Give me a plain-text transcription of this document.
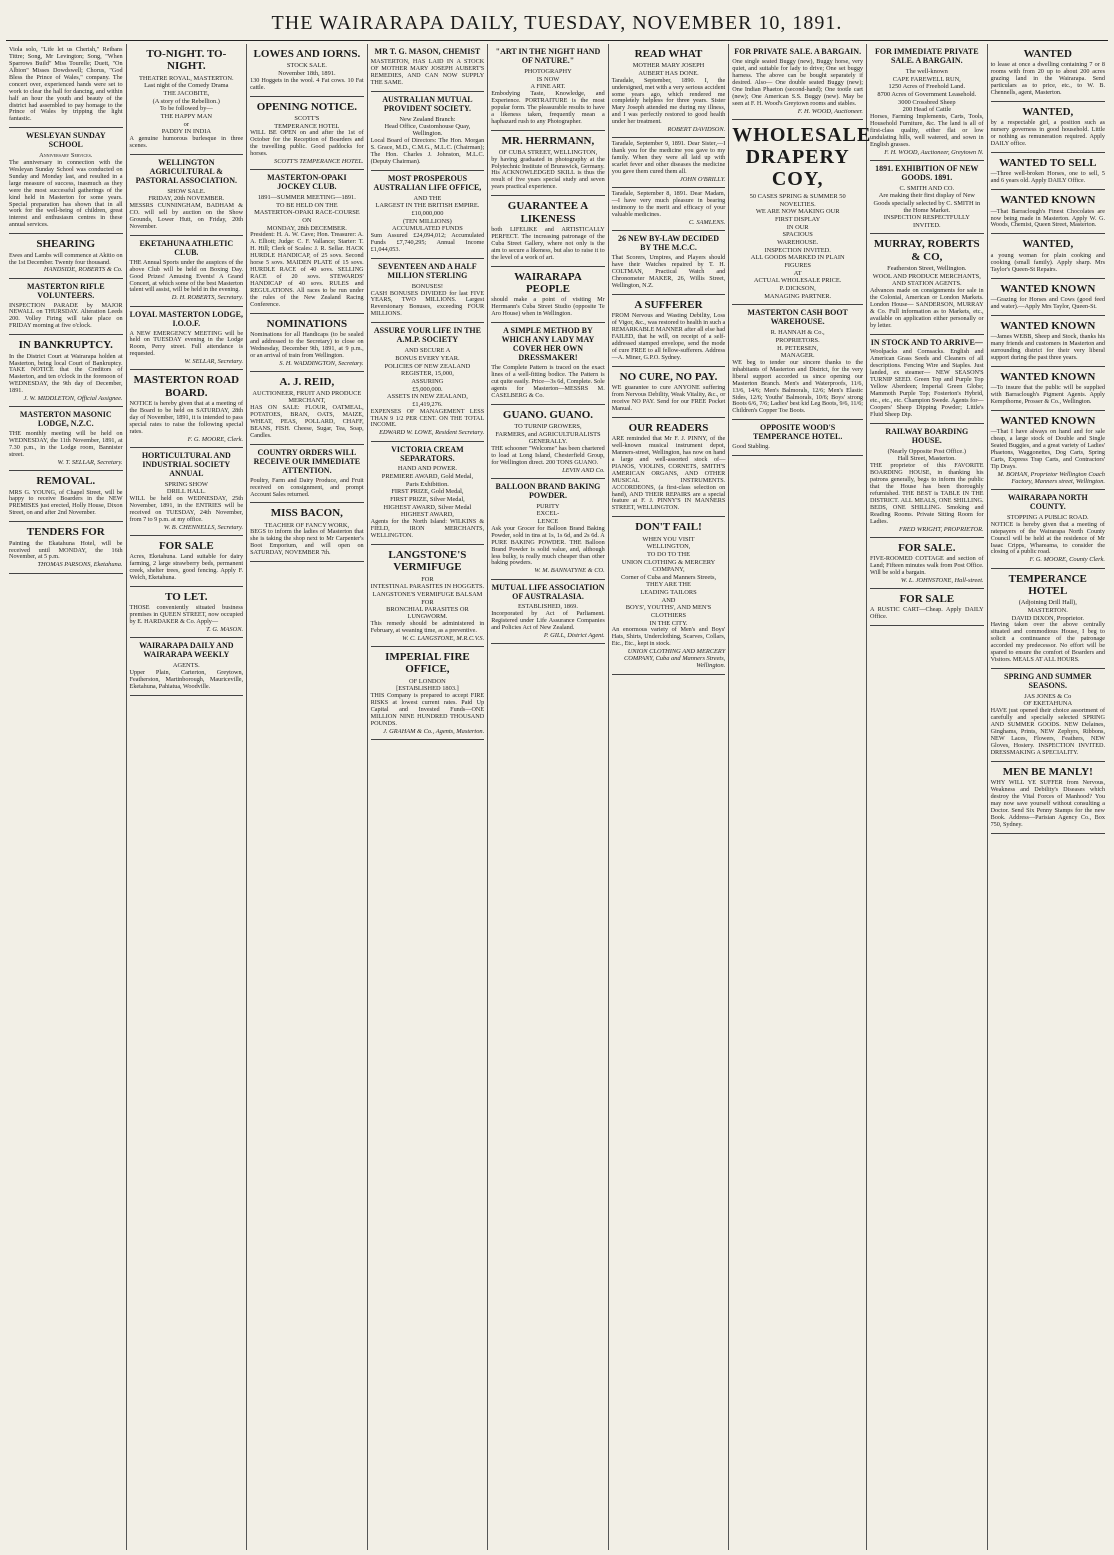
THE WAIRARAPA DAILY, TUESDAY, NOVEMBER 10, 1891.
Viola solo, "Life let us Cherish," Reibans Tittre; Song, Mr Levington; Song, "When Sparrows Build" Miss Tourelle; Duett, "On Albion" Misses Dowdswell; Chorus, "God Bless the Prince of Wales," company. The concert over, experienced hands were set to work to clear the hall for dancing, and within half an hour the youth and beauty of the district had assembled to pay homage to the Prince of Wales by tripping the light fantastic.
WESLEYAN SUNDAY SCHOOL
Anniversary Services.
The anniversary in connection with the Wesleyan Sunday School was conducted on Sunday and Monday last, and resulted in a large measure of success, inasmuch as they were the most successful gatherings of the kind held in Masterton for some years. Special preparation has shown that in all work for the well-being of children, great interest and enthusiasm centres in these annual services.
SHEARING
Ewes and Lambs will commence at Akitio on the 1st December. Twenty four thousand.
HANDSIDE, ROBERTS & Co.
MASTERTON RIFLE VOLUNTEERS.
INSPECTION PARADE by MAJOR NEWALL on THURSDAY. Alteration Leeds 200. Volley Firing will take place on FRIDAY morning at five o'clock.
IN BANKRUPTCY.
In the District Court at Wairarapa holden at Masterton, being local Court of Bankruptcy. TAKE NOTICE that the Creditors of Masterton, and ten o'clock in the forenoon of WEDNESDAY, the 9th day of December, 1891.
J. W. MIDDLETON, Official Assignee.
MASTERTON MASONIC LODGE, N.Z.C.
THE monthly meeting will be held on WEDNESDAY, the 11th November, 1891, at 7.30 p.m., in the Lodge room, Bannister street.
W. T. SELLAR, Secretary.
REMOVAL.
MRS G. YOUNG, of Chapel Street, will be happy to receive Boarders in the NEW PREMISES just erected, Holly House, Dixon Street, on and after 2nd November.
TENDERS FOR
Painting the Ekatahuna Hotel, will be received until MONDAY, the 16th November, at 5 p.m.
THOMAS PARSONS, Eketahuna.
TO-NIGHT. TO-NIGHT.
THEATRE ROYAL, MASTERTON.
Last night of the Comedy Drama
THE JACOBITE,
(A story of the Rebellion.)
To be followed by—
THE HAPPY MAN
or
PADDY IN INDIA
A genuine humorous burlesque in three scenes.
WELLINGTON AGRICULTURAL & PASTORAL ASSOCIATION.
SHOW SALE.
FRIDAY, 20th NOVEMBER.
MESSRS CUNNINGHAM, BADHAM & CO. will sell by auction on the Show Grounds, Lower Hutt, on Friday, 20th November.
EKETAHUNA ATHLETIC CLUB.
THE Annual Sports under the auspices of the above Club will be held on Boxing Day. Good Prizes! Amusing Events! A Grand Concert, at which some of the best Masterton talent will assist, will be held in the evening.
D. H. ROBERTS, Secretary.
LOYAL MASTERTON LODGE, I.O.O.F.
A NEW EMERGENCY MEETING will be held on TUESDAY evening in the Lodge Room, Perry street. Full attendance is requested.
W. SELLAR, Secretary.
MASTERTON ROAD BOARD.
NOTICE is hereby given that at a meeting of the Board to be held on SATURDAY, 28th day of November, 1891, it is intended to pass special rates to raise the following special rates.
F. G. MOORE, Clerk.
HORTICULTURAL AND INDUSTRIAL SOCIETY ANNUAL
SPRING SHOW
DRILL HALL.
WILL be held on WEDNESDAY, 25th November, 1891, in the ENTRIES will be received on TUESDAY, 24th November, from 7 to 9 p.m. at my office.
W. B. CHENNELLS, Secretary.
FOR SALE
Acres, Eketahuna. Land suitable for dairy farming, 2 large strawberry beds, permanent creek, shelter trees, good fencing. Apply F. Welch, Eketahuna.
TO LET.
THOSE conveniently situated business premises in QUEEN STREET, now occupied by E. HARDAKER & Co. Apply—
T. G. MASON.
WAIRARAPA DAILY AND WAIRARAPA WEEKLY
AGENTS.
Upper Plain, Carterton, Greytown, Featherston, Martinborough, Mauriceville, Eketahuna, Pahiatua, Woodville.
LOWES AND IORNS.
STOCK SALE.
November 18th, 1891.
130 Hoggets in the wool. 4 Fat cows. 10 Fat cattle.
OPENING NOTICE.
SCOTT'S
TEMPERANCE HOTEL
WILL BE OPEN on and after the 1st of October for the Reception of Boarders and the travelling public. Good paddocks for horses.
SCOTT'S TEMPERANCE HOTEL.
MASTERTON-OPAKI JOCKEY CLUB.
1891—SUMMER MEETING—1891.
TO BE HELD ON THE
MASTERTON-OPAKI RACE-COURSE
ON
MONDAY, 28th DECEMBER.
President: H. A. W. Cave; Hon. Treasurer: A. A. Elliott; Judge: C. F. Vallance; Starter: T. H. Hill; Clerk of Scales: J. R. Sellar. HACK HURDLE HANDICAP, of 25 sovs. Second horse 5 sovs. MAIDEN PLATE of 15 sovs. HURDLE RACE of 40 sovs. SELLING RACE of 20 sovs. STEWARDS' HANDICAP of 40 sovs. RULES and REGULATIONS. All races to be run under the rules of the New Zealand Racing Conference.
NOMINATIONS
Nominations for all Handicaps (to be sealed and addressed to the Secretary) to close on Wednesday, December 9th, 1891, at 9 p.m., or an arrival of train from Wellington.
S. H. WADDINGTON, Secretary.
A. J. REID,
AUCTIONEER, FRUIT AND PRODUCE MERCHANT,
HAS ON SALE: FLOUR, OATMEAL, POTATOES, BRAN, OATS, MAIZE, WHEAT, PEAS, POLLARD, CHAFF, BEANS, FISH. Cheese, Sugar, Tea, Soap, Candles.
COUNTRY ORDERS WILL RECEIVE OUR IMMEDIATE ATTENTION.
Poultry, Farm and Dairy Produce, and Fruit received on consignment, and prompt Account Sales returned.
MISS BACON,
TEACHER OF FANCY WORK,
BEGS to inform the ladies of Masterton that she is taking the shop next to Mr Carpenter's Boot Emporium, and will open on SATURDAY, NOVEMBER 7th.
MR T. G. MASON, CHEMIST
MASTERTON, HAS LAID IN A STOCK OF MOTHER MARY JOSEPH AUBERT'S REMEDIES, AND CAN NOW SUPPLY THE SAME.
AUSTRALIAN MUTUAL PROVIDENT SOCIETY.
New Zealand Branch:
Head Office, Customhouse Quay, Wellington.
Local Board of Directors: The Hon. Morgan S. Grace, M.D., C.M.G., M.L.C. (Chairman); The Hon. Charles J. Johnston, M.L.C. (Deputy Chairman).
MOST PROSPEROUS AUSTRALIAN LIFE OFFICE,
AND THE
LARGEST IN THE BRITISH EMPIRE.
£10,000,000
(TEN MILLIONS)
ACCUMULATED FUNDS
Sum Assured £24,094,012; Accumulated Funds £7,740,295; Annual Income £1,044,053.
SEVENTEEN AND A HALF MILLION STERLING
BONUSES!
CASH BONUSES DIVIDED for last FIVE YEARS, TWO MILLIONS. Largest Reversionary Bonuses, exceeding FOUR MILLIONS.
ASSURE YOUR LIFE IN THE A.M.P. SOCIETY
AND SECURE A
BONUS EVERY YEAR.
POLICIES OF NEW ZEALAND
REGISTER, 15,000,
ASSURING
£5,000,000.
ASSETS IN NEW ZEALAND,
£1,419,276.
EXPENSES OF MANAGEMENT LESS THAN 9 1/2 PER CENT. ON THE TOTAL INCOME.
EDWARD W. LOWE, Resident Secretary.
VICTORIA CREAM SEPARATORS.
HAND AND POWER.
PREMIERE AWARD, Gold Medal,
Paris Exhibition.
FIRST PRIZE, Gold Medal,
FIRST PRIZE, Silver Medal,
HIGHEST AWARD, Silver Medal
HIGHEST AWARD,
Agents for the North Island: WILKINS & FIELD, IRON MERCHANTS, WELLINGTON.
LANGSTONE'S VERMIFUGE
FOR
INTESTINAL PARASITES IN HOGGETS.
LANGSTONE'S VERMIFUGE BALSAM
FOR
BRONCHIAL PARASITES OR LUNGWORM.
This remedy should be administered in February, at weaning time, as a preventive.
W. C. LANGSTONE, M.R.C.V.S.
IMPERIAL FIRE OFFICE,
OF LONDON
[ESTABLISHED 1803.]
THIS Company is prepared to accept FIRE RISKS at lowest current rates. Paid Up Capital and Invested Funds—ONE MILLION NINE HUNDRED THOUSAND POUNDS.
J. GRAHAM & Co., Agents, Masterton.
"ART IN THE NIGHT HAND OF NATURE."
PHOTOGRAPHY
IS NOW
A FINE ART.
Embodying Taste, Knowledge, and Experience. PORTRAITURE is the most popular form. The pleasurable results to have a likeness taken, frequently mean a haphazard rush to any Photographer.
MR. HERRMANN,
OF CUBA STREET, WELLINGTON,
by having graduated in photography at the Polytechnic Institute of Brunswick, Germany. His ACKNOWLEDGED SKILL is thus the result of five years special study and seven years practical experience.
GUARANTEE A LIKENESS
both LIFELIKE and ARTISTICALLY PERFECT. The increasing patronage of the Cuba Street Gallery, where not only is the aim to secure a likeness, but also to raise it to the level of a work of art.
WAIRARAPA PEOPLE
should make a point of visiting Mr Herrmann's Cuba Street Studio (opposite Te Aro House) when in Wellington.
A SIMPLE METHOD BY WHICH ANY LADY MAY COVER HER OWN DRESSMAKER!
The Complete Pattern is traced on the exact lines of a well-fitting bodice. The Pattern is cut quite easily. Price—3s 6d, Complete. Sole agents for Masterton—MESSRS M. CASELBERG & Co.
GUANO. GUANO.
TO TURNIP GROWERS,
FARMERS, and AGRICULTURALISTS
GENERALLY.
THE schooner "Welcome" has been chartered to load at Long Island, Chesterfield Group, for Wellington direct. 200 TONS GUANO.
LEVIN AND Co.
BALLOON BRAND BAKING POWDER.
PURITY
EXCEL-
LENCE
Ask your Grocer for Balloon Brand Baking Powder, sold in tins at 1s, 1s 6d, and 2s 6d. A PURE BAKING POWDER. THE Balloon Brand Powder is solid value, and, although less bulky, is really much cheaper than other baking powders.
W. M. BANNATYNE & CO.
MUTUAL LIFE ASSOCIATION OF AUSTRALASIA.
ESTABLISHED, 1869.
Incorporated by Act of Parliament. Registered under Life Assurance Companies and Policies Act of New Zealand.
P. GILL, District Agent.
READ WHAT
MOTHER MARY JOSEPH
AUBERT HAS DONE.
Taradale, September, 1890. I, the undersigned, met with a very serious accident some years ago, which rendered me completely helpless for three years. Sister Mary Joseph attended me during my illness, and I was perfectly restored to good health under her treatment.
ROBERT DAVIDSON.
Taradale, September 9, 1891. Dear Sister,—I thank you for the medicine you gave to my family. When they were all laid up with scarlet fever and other diseases the medicine you gave them cured them all.
JOHN O'BRILLY.
Taradale, September 8, 1891. Dear Madam,—I have very much pleasure in bearing testimony to the merit and efficacy of your valuable medicines.
C. SAMLENS.
26 NEW BY-LAW DECIDED BY THE M.C.C.
That Scorers, Umpires, and Players should have their Watches repaired by T. H. COLTMAN, Practical Watch and Chronometer MAKER, 26, Willis Street, Wellington, N.Z.
A SUFFERER
FROM Nervous and Wasting Debility, Loss of Vigor, &c., was restored to health in such a REMARKABLE MANNER after all else had FAILED, that he will, on receipt of a self-addressed stamped envelope, send the mode of cure FREE to all fellow-sufferers. Address—A. Miner, G.P.O. Sydney.
NO CURE, NO PAY.
WE guarantee to cure ANYONE suffering from Nervous Debility, Weak Vitality, &c., or receive NO PAY. Send for our FREE Pocket Manual.
OUR READERS
ARE reminded that Mr F. J. PINNY, of the well-known musical instrument depot, Manners-street, Wellington, has now on hand a large and well-assorted stock of— PIANOS, VIOLINS, CORNETS, SMITH'S AMERICAN ORGANS, AND OTHER MUSICAL INSTRUMENTS. ACCORDEONS, (a first-class selection on hand), AND THEIR REPAIRS are a special feature at F. J. PINNY'S IN MANNERS STREET, WELLINGTON.
DON'T FAIL!
WHEN YOU VISIT
WELLINGTON,
TO DO TO THE
UNION CLOTHING & MERCERY COMPANY,
Corner of Cuba and Manners Streets,
THEY ARE THE
LEADING TAILORS
AND
BOYS', YOUTHS', AND MEN'S
CLOTHIERS
IN THE CITY.
An enormous variety of Men's and Boys' Hats, Shirts, Underclothing, Scarves, Collars, Etc., Etc., kept in stock.
UNION CLOTHING AND MERCERY COMPANY, Cuba and Manners Streets, Wellington.
FOR PRIVATE SALE. A BARGAIN.
One single seated Buggy (new), Buggy horse, very quiet, and suitable for lady to drive; One set buggy harness. The above can be bought separately if desired. Also— One double seated Buggy (new); One Indian Phaeton (second-hand); One tootle cart (new); One American S.S. Buggy (new). May be seen at F. H. Wood's Greytown rooms and stables.
F. H. WOOD, Auctioneer.
WHOLESALE DRAPERY COY,
50 CASES SPRING & SUMMER 50
NOVELTIES.
WE ARE NOW MAKING OUR
FIRST DISPLAY
IN OUR
SPACIOUS
WAREHOUSE.
INSPECTION INVITED.
ALL GOODS MARKED IN PLAIN
FIGURES
AT
ACTUAL WHOLESALE PRICE.
P. DICKSON,
MANAGING PARTNER.
MASTERTON CASH BOOT WAREHOUSE.
R. HANNAH & Co.,
PROPRIETORS.
H. PETERSEN,
MANAGER.
WE beg to tender our sincere thanks to the inhabitants of Masterton and District, for the very liberal support accorded us since opening our Masterton Branch. Men's and Waterproofs, 11/6, 13/6, 14/6; Men's Balmorals, 12/6; Men's Elastic Sides, 12/6; Youths' Balmorals, 10/6; Boys' strong Boots 6/6, 7/6; Ladies' best kid Leg Boots, 9/6, 11/6; Children's Copper Toe Boots.
OPPOSITE WOOD'S TEMPERANCE HOTEL.
Good Stabling.
FOR IMMEDIATE PRIVATE SALE. A BARGAIN.
The well-known
CAPE FAREWELL RUN,
1250 Acres of Freehold Land.
8700 Acres of Government Leasehold.
3000 Crossbred Sheep
200 Head of Cattle
Horses, Farming Implements, Carts, Tools, Household Furniture, &c. The land is all of first-class quality, either flat or low undulating hills, well watered, and sown in English grasses.
F. H. WOOD, Auctioneer, Greytown N.
1891. EXHIBITION OF NEW GOODS. 1891.
C. SMITH AND CO.
Are making their first display of New Goods specially selected by C. SMITH in the Home Market.
INSPECTION RESPECTFULLY INVITED.
MURRAY, ROBERTS & CO,
Featherston Street, Wellington.
WOOL AND PRODUCE MERCHANTS,
AND STATION AGENTS.
Advances made on consignments for sale in the Colonial, American or London Markets. London House— SANDERSON, MURRAY & Co. Full information as to Markets, etc., available on application either personally or by letter.
IN STOCK AND TO ARRIVE—
Woolpacks and Cornsacks. English and American Grass Seeds and Cleaners of all descriptions. Fencing Wire and Staples. Just landed, ex steamer— NEW SEASON'S TURNIP SEED. Green Top and Purple Top Yellow Aberdeen; Imperial Green Globe; Mammoth Purple Top; Fosterton's Hybrid, etc., etc., etc. Champion Swede. Agents for— Coopers' Sheep Dipping Powder; Little's Fluid Sheep Dip.
RAILWAY BOARDING HOUSE.
(Nearly Opposite Post Office.)
Hall Street, Masterton.
THE proprietor of this FAVORITE BOARDING HOUSE, in thanking his patrons generally, begs to inform the public that the House has been thoroughly refurnished. THE BEST is TABLE IN THE DISTRICT. ALL MEALS, ONE SHILLING. BEDS, ONE SHILLING. Smoking and Reading Rooms. Private Sitting Room for Ladies.
FRED WRIGHT, PROPRIETOR.
FOR SALE.
FIVE-ROOMED COTTAGE and section of Land; Fifteen minutes walk from Post Office. Will be sold a bargain.
W. L. JOHNSTONE, Hall-street.
FOR SALE
A RUSTIC CART—Cheap. Apply DAILY Office.
WANTED
to lease at once a dwelling containing 7 or 8 rooms with from 20 up to about 200 acres grazing land in the Wairarapa. Send particulars as to price, etc., to W. B. Chennells, agent, Masterton.
WANTED,
by a respectable girl, a position such as nursery governess in good household. Little or nothing as remuneration required. Apply DAILY office.
WANTED TO SELL
—Three well-broken Horses, one to sell, 5 and 6 years old. Apply DAILY Office.
WANTED KNOWN
—That Barraclough's Finest Chocolates are now being made in Masterton. Apply W. G. Woods, Chemist, Queen Street, Masterton.
WANTED,
a young woman for plain cooking and cooking (small family). Apply sharp. Mrs Taylor's Queen-St Repairs.
WANTED KNOWN
—Grazing for Horses and Cows (good feed and water).—Apply Mrs Taylor, Queen-St.
WANTED KNOWN
—James WEBB, Sheep and Stock, thanks his many friends and customers in Masterton and surrounding district for their very liberal support during the past three years.
WANTED KNOWN
—To insure that the public will be supplied with Barraclough's Pigment Agents. Apply Kempthorne, Prosser & Co., Wellington.
WANTED KNOWN
—That I have always on hand and for sale cheap, a large stock of Double and Single Seated Buggies, and a great variety of Ladies' Phaetons, Waggonettes, Dog Carts, Spring Carts, Express Trap Carts, and Contractors' Tip Drays.
M. BOHAN, Proprietor Wellington Coach Factory, Manners street, Wellington.
WAIRARAPA NORTH COUNTY.
STOPPING A PUBLIC ROAD.
NOTICE is hereby given that a meeting of ratepayers of the Wairarapa North County Council will be held at the residence of Mr Isaac Cripps, Whareama, to consider the closing of a public road.
F. G. MOORE, County Clerk.
TEMPERANCE HOTEL
(Adjoining Drill Hall),
MASTERTON.
DAVID DIXON, Proprietor.
Having taken over the above centrally situated and commodious House, I beg to solicit a continuance of the patronage accorded my predecessor. No effort will be spared to ensure the comfort of Boarders and Visitors. MEALS AT ALL HOURS.
SPRING AND SUMMER SEASONS.
JAS JONES & Co
OF EKETAHUNA
HAVE just opened their choice assortment of carefully and specially selected SPRING AND SUMMER GOODS. NEW Delaines, Ginghams, Prints, NEW Zephyrs, Ribbons, NEW Laces, Flowers, Feathers, NEW Gloves, Hosiery. INSPECTION INVITED. DRESSMAKING A SPECIALITY.
MEN BE MANLY!
WHY WILL YE SUFFER from Nervous, Weakness and Debility's Diseases which destroy the Vital Forces of Manhood? You may now save yourself without consulting a Doctor. Send Six Penny Stamps for the new Book. Address—Parisian Agency Co., Box 750, Sydney.
